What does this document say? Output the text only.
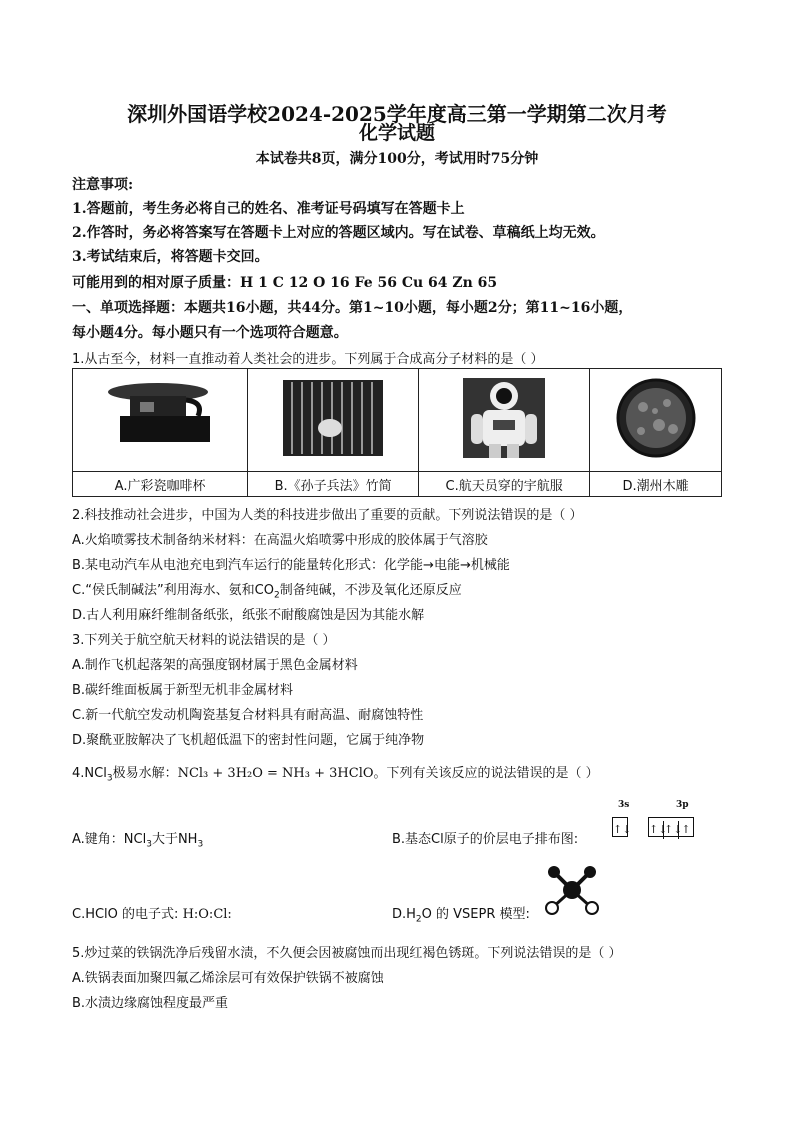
深圳外国语学校2024-2025学年度高三第一学期第二次月考
化学试题
本试卷共8页，满分100分，考试用时75分钟
注意事项:
1.答题前，考生务必将自己的姓名、准考证号码填写在答题卡上
2.作答时，务必将答案写在答题卡上对应的答题区域内。写在试卷、草稿纸上均无效。
3.考试结束后，将答题卡交回。
可能用到的相对原子质量：H 1 C 12 O 16 Fe 56 Cu 64 Zn 65
一、单项选择题：本题共16小题，共44分。第1~10小题，每小题2分；第11~16小题，
每小题4分。每小题只有一个选项符合题意。
1.从古至今，材料一直推动着人类社会的进步。下列属于合成高分子材料的是（ ）

A.广彩瓷咖啡杯	B.《孙子兵法》竹简	C.航天员穿的宇航服	D.潮州木雕
2.科技推动社会进步，中国为人类的科技进步做出了重要的贡献。下列说法错误的是（ ）
A.火焰喷雾技术制备纳米材料：在高温火焰喷雾中形成的胶体属于气溶胶
B.某电动汽车从电池充电到汽车运行的能量转化形式：化学能→电能→机械能
C.“侯氏制碱法”利用海水、氨和$CO_2$制备纯碱，不涉及氧化还原反应
D.古人利用麻纤维制备纸张，纸张不耐酸腐蚀是因为其能水解
3.下列关于航空航天材料的说法错误的是（ ）
A.制作飞机起落架的高强度钢材属于黑色金属材料
B.碳纤维面板属于新型无机非金属材料
C.新一代航空发动机陶瓷基复合材料具有耐高温、耐腐蚀特性
D.聚酰亚胺解决了飞机超低温下的密封性问题，它属于纯净物
4.NCl$_3$极易水解：NCl₃ + 3H₂O = NH₃ + 3HClO。下列有关该反应的说法错误的是（ ）
A.键角：NCl$_3$大于$NH_3$	B.基态Cl原子的价层电子排布图:
3s	3p
↑↓ ↑↓↑↓↑
C.HClO 的电子式: H:O:Cl:	$D.H_2O$ 的 VSEPR 模型:
5.炒过菜的铁锅洗净后残留水渍，不久便会因被腐蚀而出现红褐色锈斑。下列说法错误的是（ ）
A.铁锅表面加聚四氟乙烯涂层可有效保护铁锅不被腐蚀
B.水渍边缘腐蚀程度最严重
